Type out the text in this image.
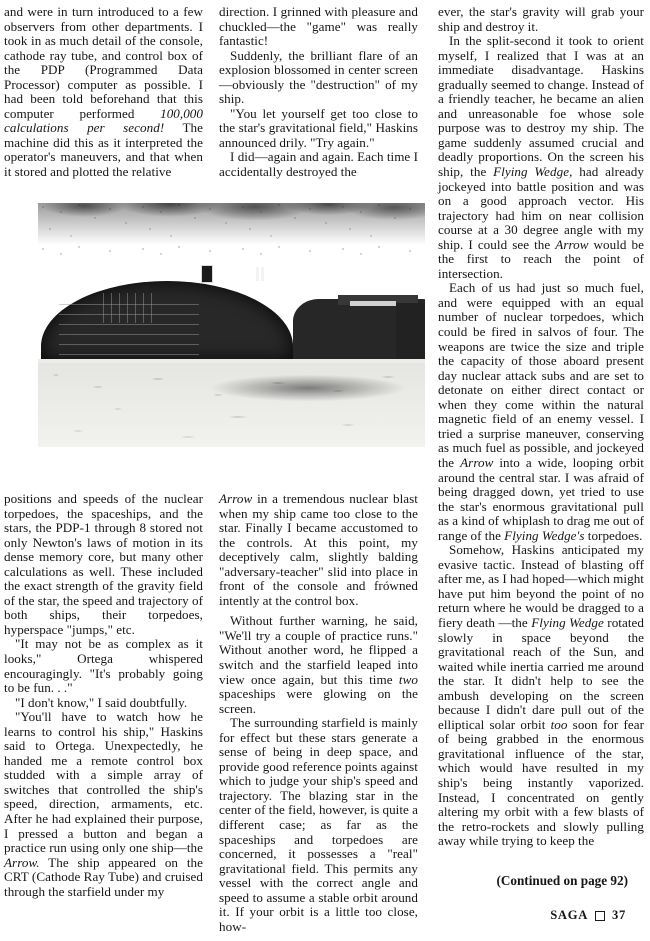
and were in turn introduced to a few observers from other departments. I took in as much detail of the console, cathode ray tube, and control box of the PDP (Programmed Data Processor) computer as possible. I had been told beforehand that this computer performed 100,000 calculations per second! The machine did this as it interpreted the operator's maneuvers, and that when it stored and plotted the relative

positions and speeds of the nuclear torpedoes, the spaceships, and the stars, the PDP-1 through 8 stored not only Newton's laws of motion in its dense memory core, but many other calculations as well. These included the exact strength of the gravity field of the star, the speed and trajectory of both ships, their torpedoes, hyperspace "jumps," etc.

"It may not be as complex as it looks," Ortega whispered encouragingly. "It's probably going to be fun. . ."

"I don't know," I said doubtfully.

"You'll have to watch how he learns to control his ship," Haskins said to Ortega. Unexpectedly, he handed me a remote control box studded with a simple array of switches that controlled the ship's speed, direction, armaments, etc. After he had explained their purpose, I pressed a button and began a practice run using only one ship—the Arrow. The ship appeared on the CRT (Cathode Ray Tube) and cruised through the starfield under my

direction. I grinned with pleasure and chuckled—the "game" was really fantastic!

Suddenly, the brilliant flare of an explosion blossomed in center screen—obviously the "destruction" of my ship.

"You let yourself get too close to the star's gravitational field," Haskins announced drily. "Try again."

I did—again and again. Each time I accidentally destroyed the

Arrow in a tremendous nuclear blast when my ship came too close to the star. Finally I became accustomed to the controls. At this point, my deceptively calm, slightly balding "adversary-teacher" slid into place in front of the console and frówned intently at the control box.

Without further warning, he said, "We'll try a couple of practice runs." Without another word, he flipped a switch and the starfield leaped into view once again, but this time two spaceships were glowing on the screen.

The surrounding starfield is mainly for effect but these stars generate a sense of being in deep space, and provide good reference points against which to judge your ship's speed and trajectory. The blazing star in the center of the field, however, is quite a different case; as far as the spaceships and torpedoes are concerned, it possesses a "real" gravitational field. This permits any vessel with the correct angle and speed to assume a stable orbit around it. If your orbit is a little too close, how-

ever, the star's gravity will grab your ship and destroy it.

In the split-second it took to orient myself, I realized that I was at an immediate disadvantage. Haskins gradually seemed to change. Instead of a friendly teacher, he became an alien and unreasonable foe whose sole purpose was to destroy my ship. The game suddenly assumed crucial and deadly proportions. On the screen his ship, the Flying Wedge, had already jockeyed into battle position and was on a good approach vector. His trajectory had him on near collision course at a 30 degree angle with my ship. I could see the Arrow would be the first to reach the point of intersection.

Each of us had just so much fuel, and were equipped with an equal number of nuclear torpedoes, which could be fired in salvos of four. The weapons are twice the size and triple the capacity of those aboard present day nuclear attack subs and are set to detonate on either direct contact or when they come within the natural magnetic field of an enemy vessel. I tried a surprise maneuver, conserving as much fuel as possible, and jockeyed the Arrow into a wide, looping orbit around the central star. I was afraid of being dragged down, yet tried to use the star's enormous gravitational pull as a kind of whiplash to drag me out of range of the Flying Wedge's torpedoes.

Somehow, Haskins anticipated my evasive tactic. Instead of blasting off after me, as I had hoped—which might have put him beyond the point of no return where he would be dragged to a fiery death —the Flying Wedge rotated slowly in space beyond the gravitational reach of the Sun, and waited while inertia carried me around the star. It didn't help to see the ambush developing on the screen because I didn't dare pull out of the elliptical solar orbit too soon for fear of being grabbed in the enormous gravitational influence of the star, which would have resulted in my ship's being instantly vaporized. Instead, I concentrated on gently altering my orbit with a few blasts of the retro-rockets and slowly pulling away while trying to keep the

(Continued on page 92)
SAGA 37
